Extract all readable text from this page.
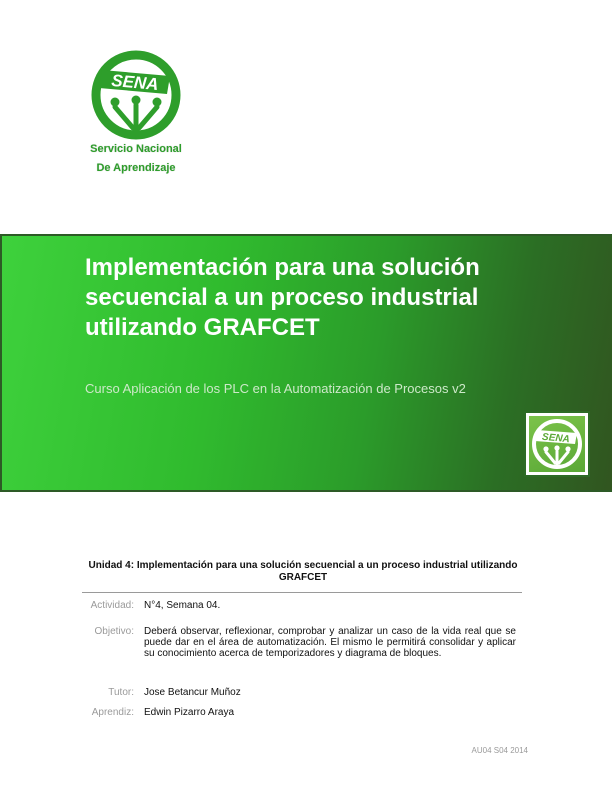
SENA
Servicio Nacional
De Aprendizaje
Implementación para una solución secuencial a un proceso industrial utilizando GRAFCET

Curso Aplicación de los PLC en la Automatización de Procesos v2

SENA

Unidad 4: Implementación para una solución secuencial a un proceso industrial utilizando GRAFCET

Actividad: N°4, Semana 04.
Objetivo: Deberá observar, reflexionar, comprobar y analizar un caso de la vida real que se puede dar en el área de automatización. El mismo le permitirá consolidar y aplicar su conocimiento acerca de temporizadores y diagrama de bloques.
Tutor: Jose Betancur Muñoz
Aprendiz: Edwin Pizarro Araya
AU04 S04 2014
